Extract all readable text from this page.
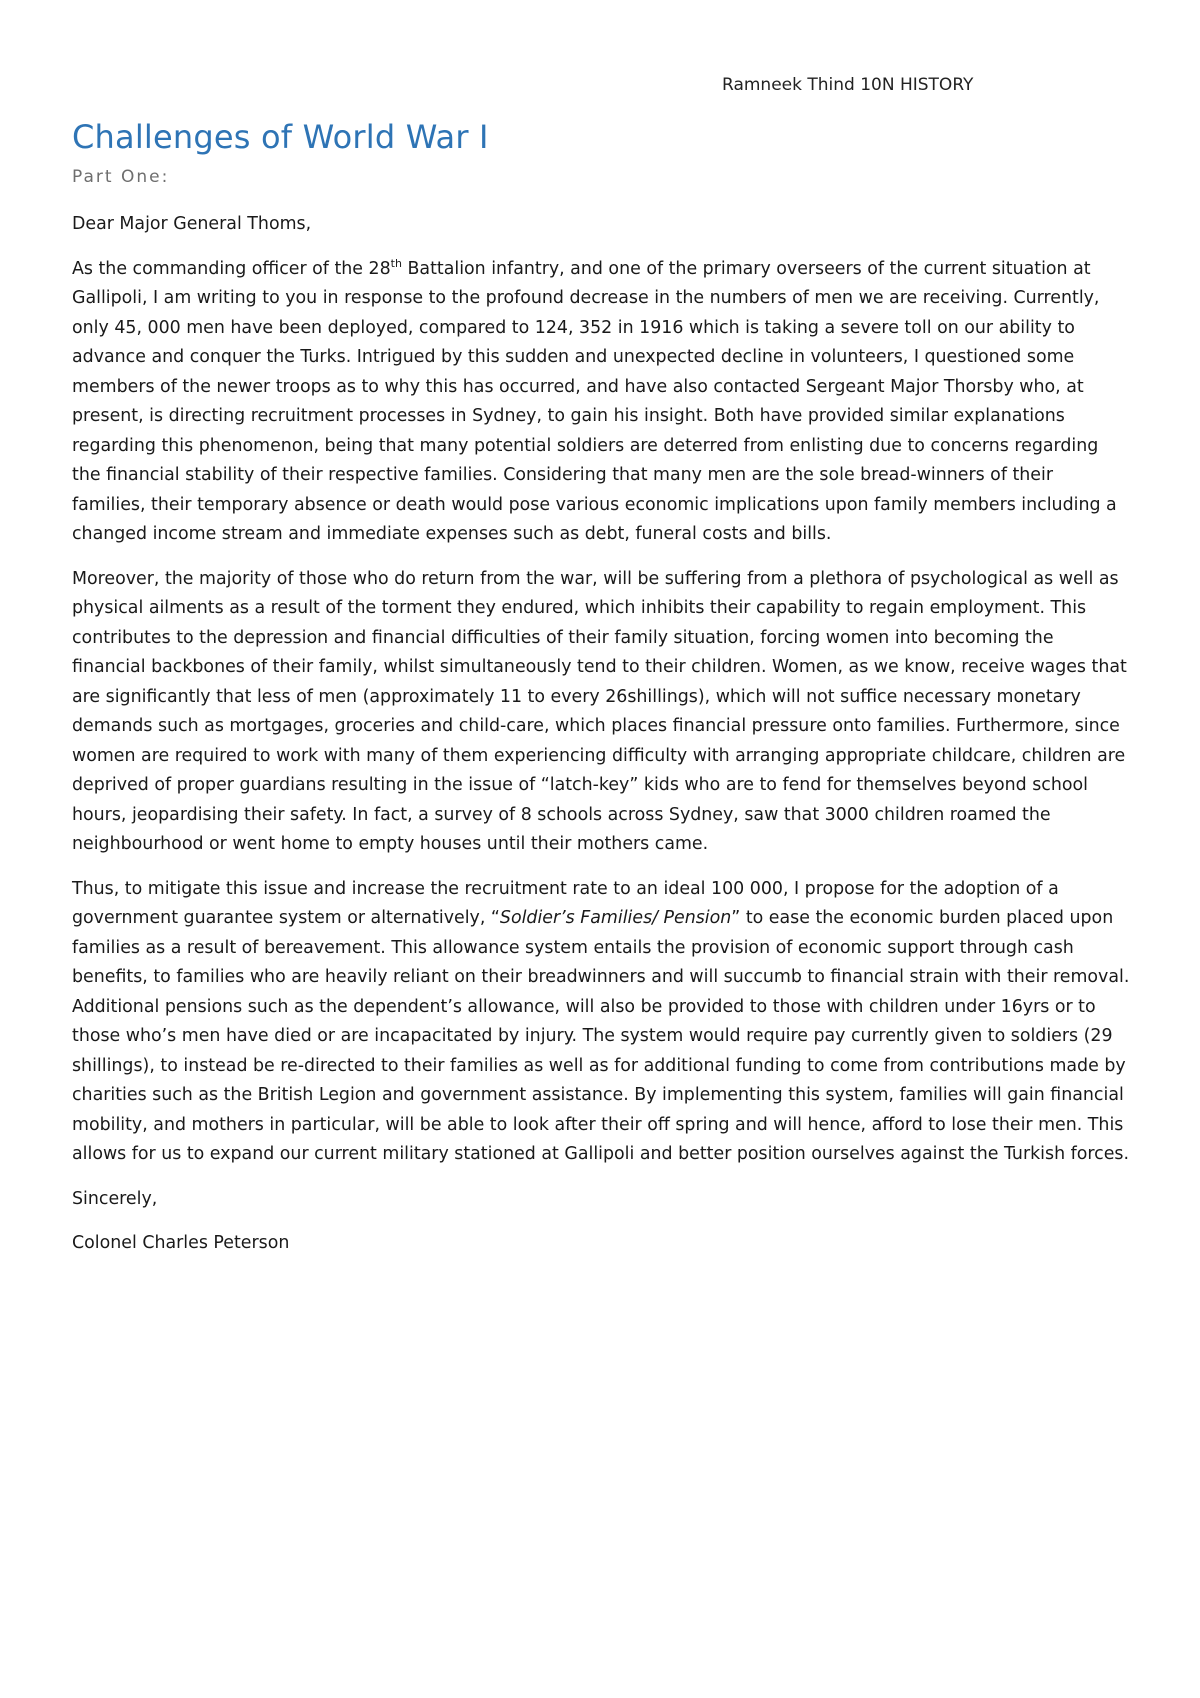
Ramneek Thind 10N HISTORY
Challenges of World War I
Part One:

Dear Major General Thoms,

As the commanding officer of the 28th Battalion infantry, and one of the primary overseers of the current situation at Gallipoli, I am writing to you in response to the profound decrease in the numbers of men we are receiving. Currently, only 45, 000 men have been deployed, compared to 124, 352 in 1916 which is taking a severe toll on our ability to advance and conquer the Turks. Intrigued by this sudden and unexpected decline in volunteers, I questioned some members of the newer troops as to why this has occurred, and have also contacted Sergeant Major Thorsby who, at present, is directing recruitment processes in Sydney, to gain his insight. Both have provided similar explanations regarding this phenomenon, being that many potential soldiers are deterred from enlisting due to concerns regarding the financial stability of their respective families. Considering that many men are the sole bread-winners of their families, their temporary absence or death would pose various economic implications upon family members including a changed income stream and immediate expenses such as debt, funeral costs and bills.

Moreover, the majority of those who do return from the war, will be suffering from a plethora of psychological as well as physical ailments as a result of the torment they endured, which inhibits their capability to regain employment. This contributes to the depression and financial difficulties of their family situation, forcing women into becoming the financial backbones of their family, whilst simultaneously tend to their children. Women, as we know, receive wages that are significantly that less of men (approximately 11 to every 26shillings), which will not suffice necessary monetary demands such as mortgages, groceries and child-care, which places financial pressure onto families. Furthermore, since women are required to work with many of them experiencing difficulty with arranging appropriate childcare, children are deprived of proper guardians resulting in the issue of “latch-key” kids who are to fend for themselves beyond school hours, jeopardising their safety. In fact, a survey of 8 schools across Sydney, saw that 3000 children roamed the neighbourhood or went home to empty houses until their mothers came.

Thus, to mitigate this issue and increase the recruitment rate to an ideal 100 000, I propose for the adoption of a government guarantee system or alternatively, “Soldier’s Families/ Pension” to ease the economic burden placed upon families as a result of bereavement. This allowance system entails the provision of economic support through cash benefits, to families who are heavily reliant on their breadwinners and will succumb to financial strain with their removal. Additional pensions such as the dependent’s allowance, will also be provided to those with children under 16yrs or to those who’s men have died or are incapacitated by injury. The system would require pay currently given to soldiers (29 shillings), to instead be re-directed to their families as well as for additional funding to come from contributions made by charities such as the British Legion and government assistance. By implementing this system, families will gain financial mobility, and mothers in particular, will be able to look after their off spring and will hence, afford to lose their men. This allows for us to expand our current military stationed at Gallipoli and better position ourselves against the Turkish forces.

Sincerely,

Colonel Charles Peterson
